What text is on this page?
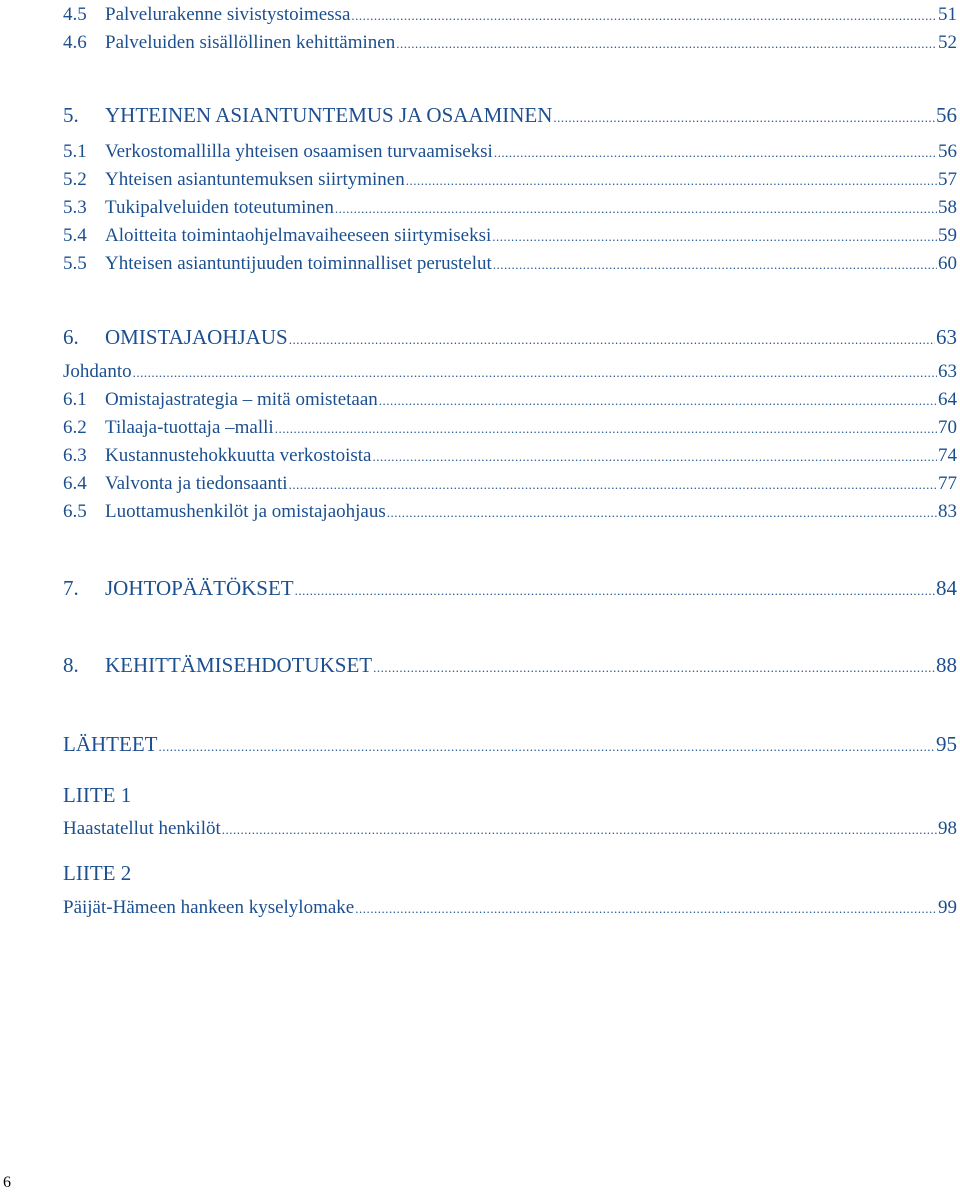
4.5 Palvelurakenne sivistystoimessa .....	51
4.6 Palveluiden sisällöllinen kehittäminen .....	52
5.	YHTEINEN ASIANTUNTEMUS JA OSAAMINEN .....	56
5.1 Verkostomallilla yhteisen osaamisen turvaamiseksi .....	56
5.2 Yhteisen asiantuntemuksen siirtyminen .....	57
5.3 Tukipalveluiden toteutuminen .....	58
5.4 Aloitteita toimintaohjelmavaiheeseen siirtymiseksi .....	59
5.5 Yhteisen asiantuntijuuden toiminnalliset perustelut .....	60
6.	OMISTAJAOHJAUS .....	63
Johdanto .....	63
6.1 Omistajastrategia – mitä omistetaan .....	64
6.2 Tilaaja-tuottaja –malli .....	70
6.3 Kustannustehokkuutta verkostoista .....	74
6.4 Valvonta ja tiedonsaanti .....	77
6.5 Luottamushenkilöt ja omistajaohjaus .....	83
7.	JOHTOPÄÄTÖKSET .....	84
8.	KEHITTÄMISEHDOTUKSET .....	88
LÄHTEET .....	95
LIITE 1
Haastatellut henkilöt .....	98
LIITE 2
Päijät-Hämeen hankeen kyselylomake .....	99
6
